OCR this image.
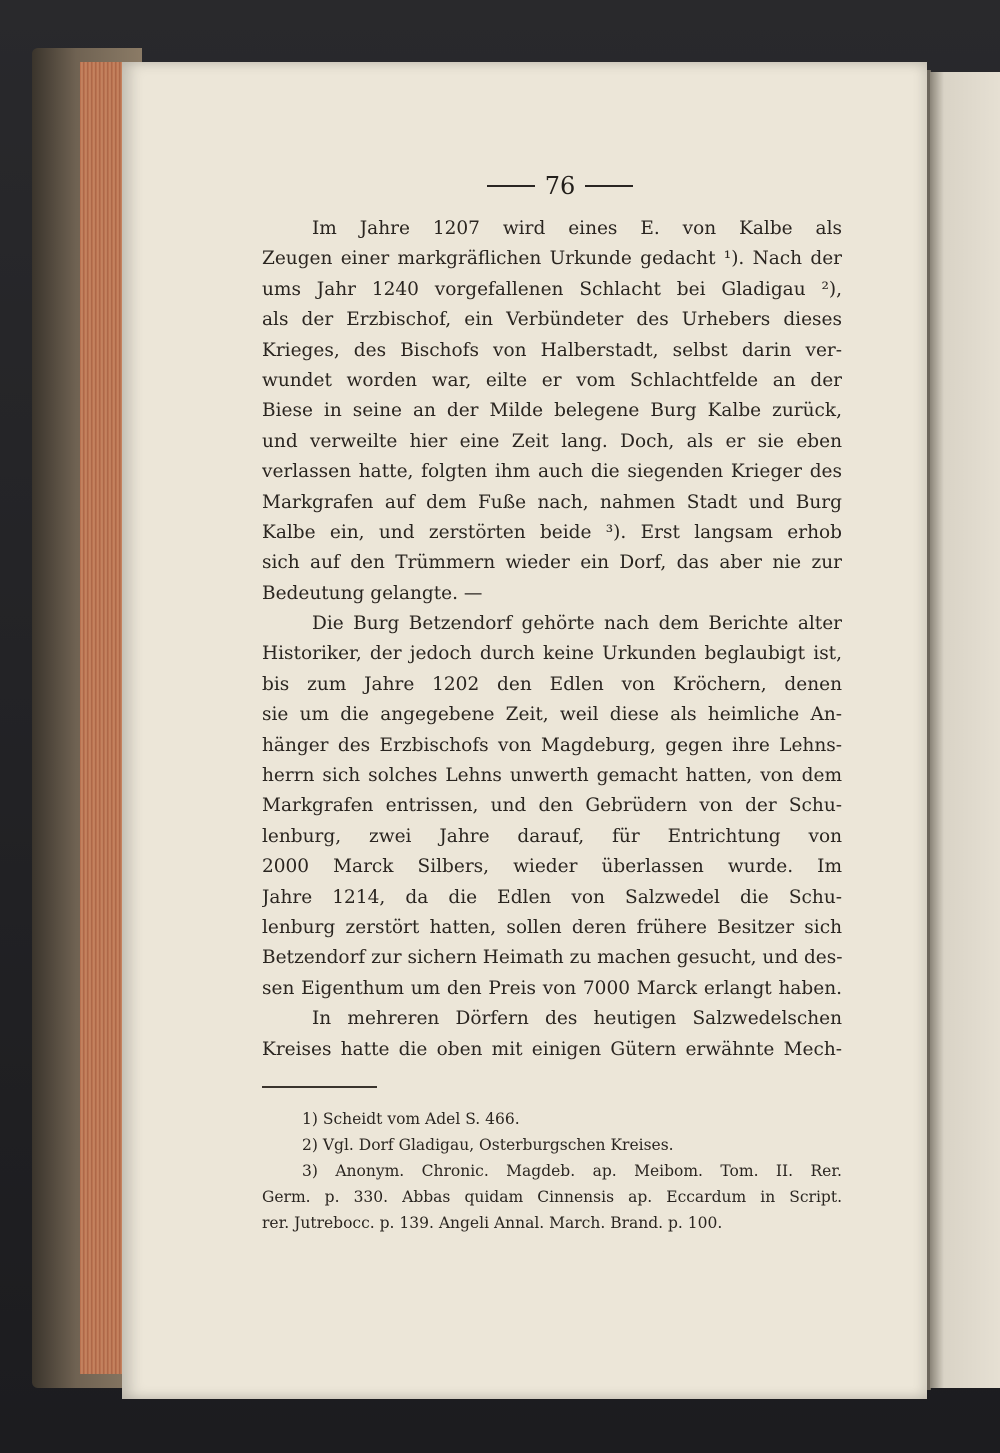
76
Im Jahre 1207 wird eines E. von Kalbe als
Zeugen einer markgräflichen Urkunde gedacht ¹). Nach der
ums Jahr 1240 vorgefallenen Schlacht bei Gladigau ²),
als der Erzbischof, ein Verbündeter des Urhebers dieses
Krieges, des Bischofs von Halberstadt, selbst darin ver-
wundet worden war, eilte er vom Schlachtfelde an der
Biese in seine an der Milde belegene Burg Kalbe zurück,
und verweilte hier eine Zeit lang. Doch, als er sie eben
verlassen hatte, folgten ihm auch die siegenden Krieger des
Markgrafen auf dem Fuße nach, nahmen Stadt und Burg
Kalbe ein, und zerstörten beide ³). Erst langsam erhob
sich auf den Trümmern wieder ein Dorf, das aber nie zur
Bedeutung gelangte. —
Die Burg Betzendorf gehörte nach dem Berichte alter
Historiker, der jedoch durch keine Urkunden beglaubigt ist,
bis zum Jahre 1202 den Edlen von Kröchern, denen
sie um die angegebene Zeit, weil diese als heimliche An-
hänger des Erzbischofs von Magdeburg, gegen ihre Lehns-
herrn sich solches Lehns unwerth gemacht hatten, von dem
Markgrafen entrissen, und den Gebrüdern von der Schu-
lenburg, zwei Jahre darauf, für Entrichtung von
2000 Marck Silbers, wieder überlassen wurde. Im
Jahre 1214, da die Edlen von Salzwedel die Schu-
lenburg zerstört hatten, sollen deren frühere Besitzer sich
Betzendorf zur sichern Heimath zu machen gesucht, und des-
sen Eigenthum um den Preis von 7000 Marck erlangt haben.
In mehreren Dörfern des heutigen Salzwedelschen
Kreises hatte die oben mit einigen Gütern erwähnte Mech-
1) Scheidt vom Adel S. 466.
2) Vgl. Dorf Gladigau, Osterburgschen Kreises.
3) Anonym. Chronic. Magdeb. ap. Meibom. Tom. II. Rer.
Germ. p. 330. Abbas quidam Cinnensis ap. Eccardum in Script.
rer. Jutrebocc. p. 139. Angeli Annal. March. Brand. p. 100.
